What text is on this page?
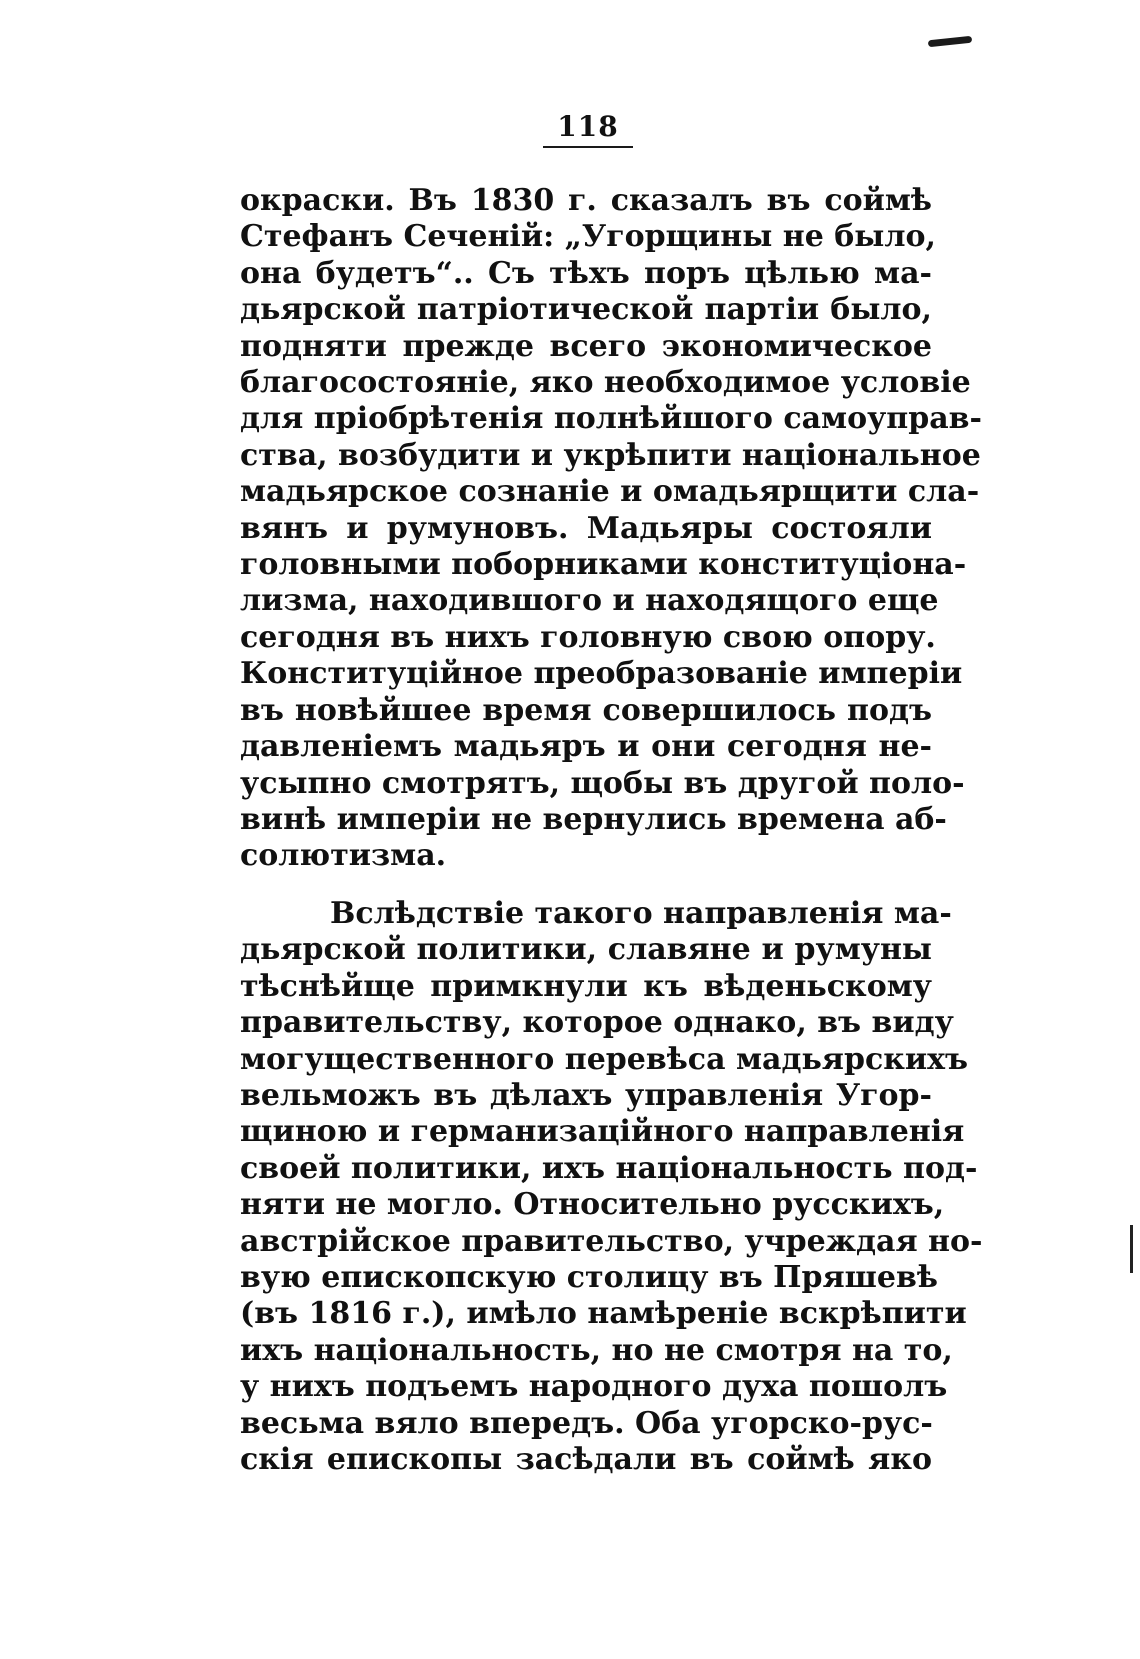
118
окраски. Въ 1830 г. сказалъ въ соймѣ
Стефанъ Сеченій: „Угорщины не было,
она будетъ“.. Съ тѣхъ поръ цѣлью ма-
дьярской патріотической партіи было,
подняти прежде всего экономическое
благосостояніе, яко необходимое условіе
для пріобрѣтенія полнѣйшого самоуправ-
ства, возбудити и укрѣпити національное
мадьярское сознаніе и омадьярщити сла-
вянъ и румуновъ. Мадьяры состояли
головными поборниками конституціона-
лизма, находившого и находящого еще
сегодня въ нихъ головную свою опору.
Конституційное преобразованіе имперіи
въ новѣйшее время совершилось подъ
давленіемъ мадьяръ и они сегодня не-
усыпно смотрятъ, щобы въ другой поло-
винѣ имперіи не вернулись времена аб-
солютизма.
Вслѣдствіе такого направленія ма-
дьярской политики, славяне и румуны
тѣснѣйще примкнули къ вѣденьскому
правительству, которое однако, въ виду
могущественного перевѣса мадьярскихъ
вельможъ въ дѣлахъ управленія Угор-
щиною и германизаційного направленія
своей политики, ихъ національность под-
няти не могло. Относительно русскихъ,
австрійское правительство, учреждая но-
вую епископскую столицу въ Пряшевѣ
(въ 1816 г.), имѣло намѣреніе вскрѣпити
ихъ національность, но не смотря на то,
у нихъ подъемъ народного духа пошолъ
весьма вяло впередъ. Оба угорско-рус-
скія епископы засѣдали въ соймѣ яко
